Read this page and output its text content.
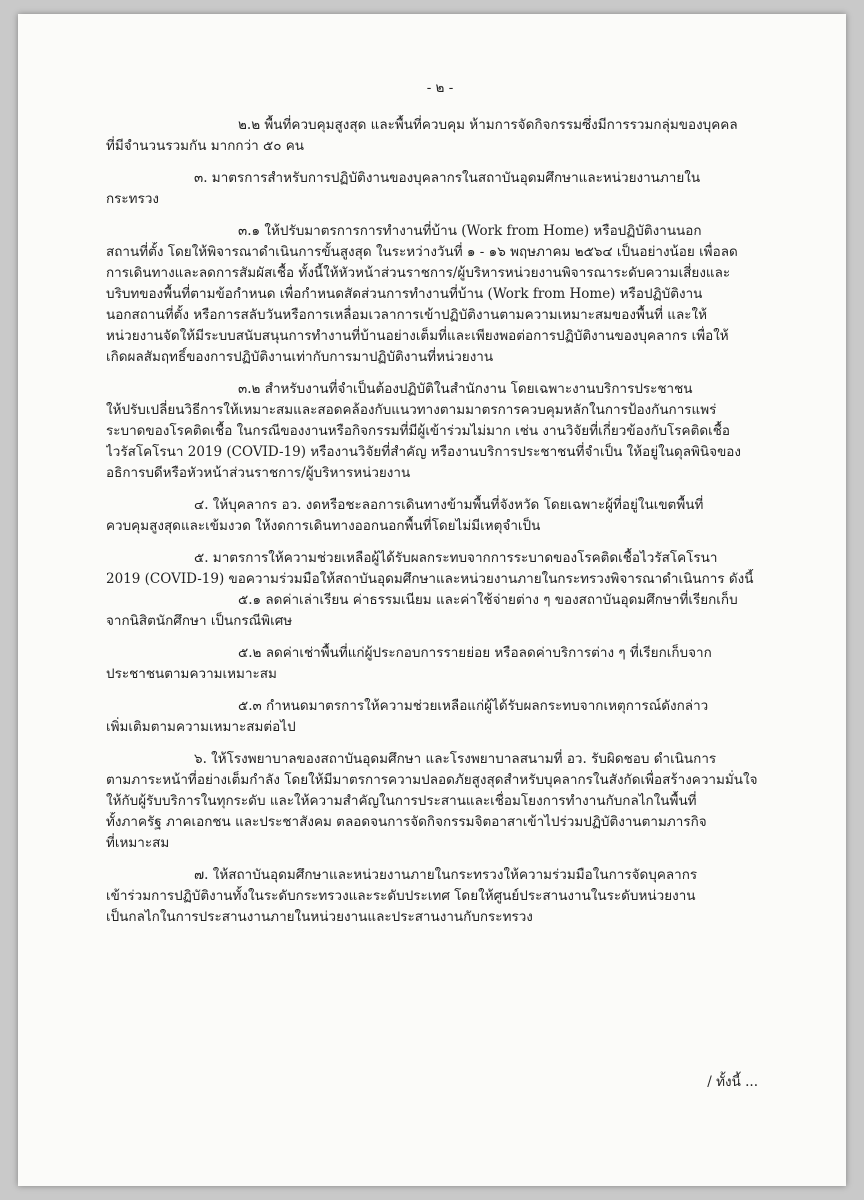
- ๒ -
๒.๒ พื้นที่ควบคุมสูงสุด และพื้นที่ควบคุม ห้ามการจัดกิจกรรมซึ่งมีการรวมกลุ่มของบุคคล
ที่มีจำนวนรวมกัน มากกว่า ๕๐ คน
๓. มาตรการสำหรับการปฏิบัติงานของบุคลากรในสถาบันอุดมศึกษาและหน่วยงานภายใน
กระทรวง
๓.๑ ให้ปรับมาตรการการทำงานที่บ้าน (Work from Home) หรือปฏิบัติงานนอก
สถานที่ตั้ง โดยให้พิจารณาดำเนินการขั้นสูงสุด ในระหว่างวันที่ ๑ - ๑๖ พฤษภาคม ๒๕๖๔ เป็นอย่างน้อย เพื่อลด
การเดินทางและลดการสัมผัสเชื้อ ทั้งนี้ให้หัวหน้าส่วนราชการ/ผู้บริหารหน่วยงานพิจารณาระดับความเสี่ยงและ
บริบทของพื้นที่ตามข้อกำหนด เพื่อกำหนดสัดส่วนการทำงานที่บ้าน (Work from Home) หรือปฏิบัติงาน
นอกสถานที่ตั้ง หรือการสลับวันหรือการเหลื่อมเวลาการเข้าปฏิบัติงานตามความเหมาะสมของพื้นที่ และให้
หน่วยงานจัดให้มีระบบสนับสนุนการทำงานที่บ้านอย่างเต็มที่และเพียงพอต่อการปฏิบัติงานของบุคลากร เพื่อให้
เกิดผลสัมฤทธิ์ของการปฏิบัติงานเท่ากับการมาปฏิบัติงานที่หน่วยงาน
๓.๒ สำหรับงานที่จำเป็นต้องปฏิบัติในสำนักงาน โดยเฉพาะงานบริการประชาชน
ให้ปรับเปลี่ยนวิธีการให้เหมาะสมและสอดคล้องกับแนวทางตามมาตรการควบคุมหลักในการป้องกันการแพร่
ระบาดของโรคติดเชื้อ ในกรณีของงานหรือกิจกรรมที่มีผู้เข้าร่วมไม่มาก เช่น งานวิจัยที่เกี่ยวข้องกับโรคติดเชื้อ
ไวรัสโคโรนา 2019 (COVID-19) หรืองานวิจัยที่สำคัญ หรืองานบริการประชาชนที่จำเป็น ให้อยู่ในดุลพินิจของ
อธิการบดีหรือหัวหน้าส่วนราชการ/ผู้บริหารหน่วยงาน
๔. ให้บุคลากร อว. งดหรือชะลอการเดินทางข้ามพื้นที่จังหวัด โดยเฉพาะผู้ที่อยู่ในเขตพื้นที่
ควบคุมสูงสุดและเข้มงวด ให้งดการเดินทางออกนอกพื้นที่โดยไม่มีเหตุจำเป็น
๕. มาตรการให้ความช่วยเหลือผู้ได้รับผลกระทบจากการระบาดของโรคติดเชื้อไวรัสโคโรนา
2019 (COVID-19) ขอความร่วมมือให้สถาบันอุดมศึกษาและหน่วยงานภายในกระทรวงพิจารณาดำเนินการ ดังนี้
๕.๑ ลดค่าเล่าเรียน ค่าธรรมเนียม และค่าใช้จ่ายต่าง ๆ ของสถาบันอุดมศึกษาที่เรียกเก็บ
จากนิสิตนักศึกษา เป็นกรณีพิเศษ
๕.๒ ลดค่าเช่าพื้นที่แก่ผู้ประกอบการรายย่อย หรือลดค่าบริการต่าง ๆ ที่เรียกเก็บจาก
ประชาชนตามความเหมาะสม
๕.๓ กำหนดมาตรการให้ความช่วยเหลือแก่ผู้ได้รับผลกระทบจากเหตุการณ์ดังกล่าว
เพิ่มเติมตามความเหมาะสมต่อไป
๖. ให้โรงพยาบาลของสถาบันอุดมศึกษา และโรงพยาบาลสนามที่ อว. รับผิดชอบ ดำเนินการ
ตามภาระหน้าที่อย่างเต็มกำลัง โดยให้มีมาตรการความปลอดภัยสูงสุดสำหรับบุคลากรในสังกัดเพื่อสร้างความมั่นใจ
ให้กับผู้รับบริการในทุกระดับ และให้ความสำคัญในการประสานและเชื่อมโยงการทำงานกับกลไกในพื้นที่
ทั้งภาครัฐ ภาคเอกชน และประชาสังคม ตลอดจนการจัดกิจกรรมจิตอาสาเข้าไปร่วมปฏิบัติงานตามภารกิจ
ที่เหมาะสม
๗. ให้สถาบันอุดมศึกษาและหน่วยงานภายในกระทรวงให้ความร่วมมือในการจัดบุคลากร
เข้าร่วมการปฏิบัติงานทั้งในระดับกระทรวงและระดับประเทศ โดยให้ศูนย์ประสานงานในระดับหน่วยงาน
เป็นกลไกในการประสานงานภายในหน่วยงานและประสานงานกับกระทรวง
/ ทั้งนี้ ...
